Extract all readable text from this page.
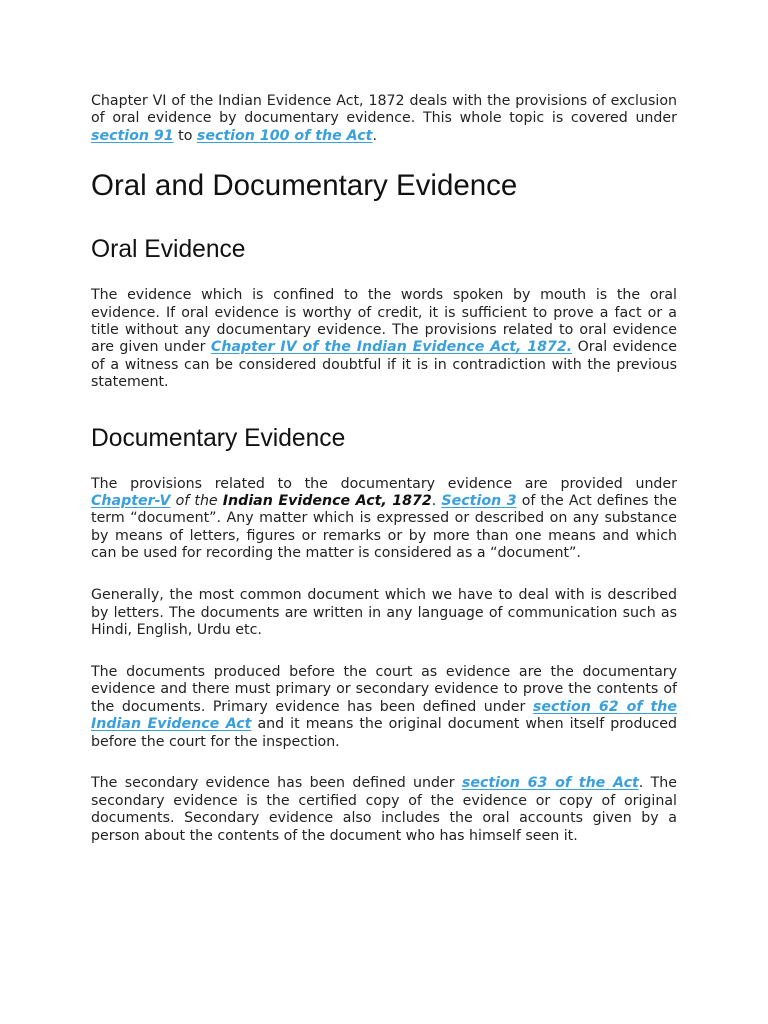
Chapter VI of the Indian Evidence Act, 1872 deals with the provisions of exclusion of oral evidence by documentary evidence. This whole topic is covered under section 91 to section 100 of the Act.

Oral and Documentary Evidence
Oral Evidence

The evidence which is confined to the words spoken by mouth is the oral evidence. If oral evidence is worthy of credit, it is sufficient to prove a fact or a title without any documentary evidence. The provisions related to oral evidence are given under Chapter IV of the Indian Evidence Act, 1872. Oral evidence of a witness can be considered doubtful if it is in contradiction with the previous statement.

Documentary Evidence

The provisions related to the documentary evidence are provided under Chapter-V of the Indian Evidence Act, 1872. Section 3 of the Act defines the term “document”. Any matter which is expressed or described on any substance by means of letters, figures or remarks or by more than one means and which can be used for recording the matter is considered as a “document”.

Generally, the most common document which we have to deal with is described by letters. The documents are written in any language of communication such as Hindi, English, Urdu etc.

The documents produced before the court as evidence are the documentary evidence and there must primary or secondary evidence to prove the contents of the documents. Primary evidence has been defined under section 62 of the Indian Evidence Act and it means the original document when itself produced before the court for the inspection.

The secondary evidence has been defined under section 63 of the Act. The secondary evidence is the certified copy of the evidence or copy of original documents. Secondary evidence also includes the oral accounts given by a person about the contents of the document who has himself seen it.
